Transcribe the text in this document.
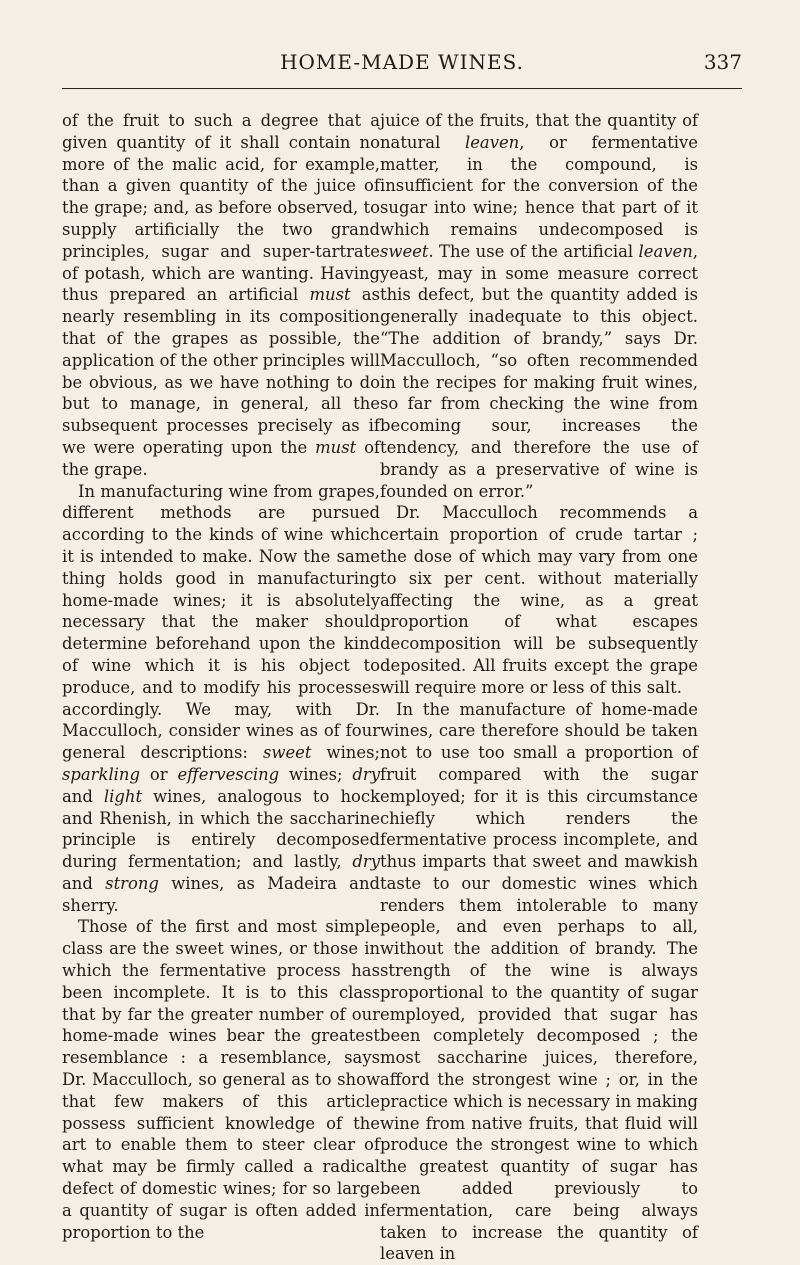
HOME-MADE WINES.	337

of the fruit to such a degree that a given quantity of it shall contain no more of the malic acid, for example, than a given quantity of the juice of the grape; and, as before observed, to supply artificially the two grand principles, sugar and super-tartrate of potash, which are wanting. Having thus prepared an artificial must as nearly resembling in its composition that of the grapes as possible, the application of the other principles will be obvious, as we have nothing to do but to manage, in general, all the subsequent processes precisely as if we were operating upon the must of the grape.

In manufacturing wine from grapes, different methods are pursued according to the kinds of wine which it is intended to make. Now the same thing holds good in manufacturing home-made wines; it is absolutely necessary that the maker should determine beforehand upon the kind of wine which it is his object to produce, and to modify his processes accordingly. We may, with Dr. Macculloch, consider wines as of four general descriptions: sweet wines; sparkling or effervescing wines; dry and light wines, analogous to hock and Rhenish, in which the saccharine principle is entirely decomposed during fermentation; and lastly, dry and strong wines, as Madeira and sherry.

Those of the first and most simple class are the sweet wines, or those in which the fermentative process has been incomplete. It is to this class that by far the greater number of our home-made wines bear the greatest resemblance : a resemblance, says Dr. Macculloch, so general as to show that few makers of this article possess sufficient knowledge of the art to enable them to steer clear of what may be firmly called a radical defect of domestic wines; for so large a quantity of sugar is often added in proportion to the

juice of the fruits, that the quantity of natural leaven, or fermentative matter, in the compound, is insufficient for the conversion of the sugar into wine; hence that part of it which remains undecomposed is sweet. The use of the artificial leaven, yeast, may in some measure correct this defect, but the quantity added is generally inadequate to this object. “The addition of brandy,” says Dr. Macculloch, “so often recommended in the recipes for making fruit wines, so far from checking the wine from becoming sour, increases the tendency, and therefore the use of brandy as a preservative of wine is founded on error.”

Dr. Macculloch recommends a certain proportion of crude tartar ; the dose of which may vary from one to six per cent. without materially affecting the wine, as a great proportion of what escapes decomposition will be subsequently deposited. All fruits except the grape will require more or less of this salt.

In the manufacture of home-made wines, care therefore should be taken not to use too small a proportion of fruit compared with the sugar employed; for it is this circumstance chiefly which renders the fermentative process incomplete, and thus imparts that sweet and mawkish taste to our domestic wines which renders them intolerable to many people, and even perhaps to all, without the addition of brandy. The strength of the wine is always proportional to the quantity of sugar employed, provided that sugar has been completely decomposed ; the most saccharine juices, therefore, afford the strongest wine ; or, in the practice which is necessary in making wine from native fruits, that fluid will produce the strongest wine to which the greatest quantity of sugar has been added previously to fermentation, care being always taken to increase the quantity of leaven in
